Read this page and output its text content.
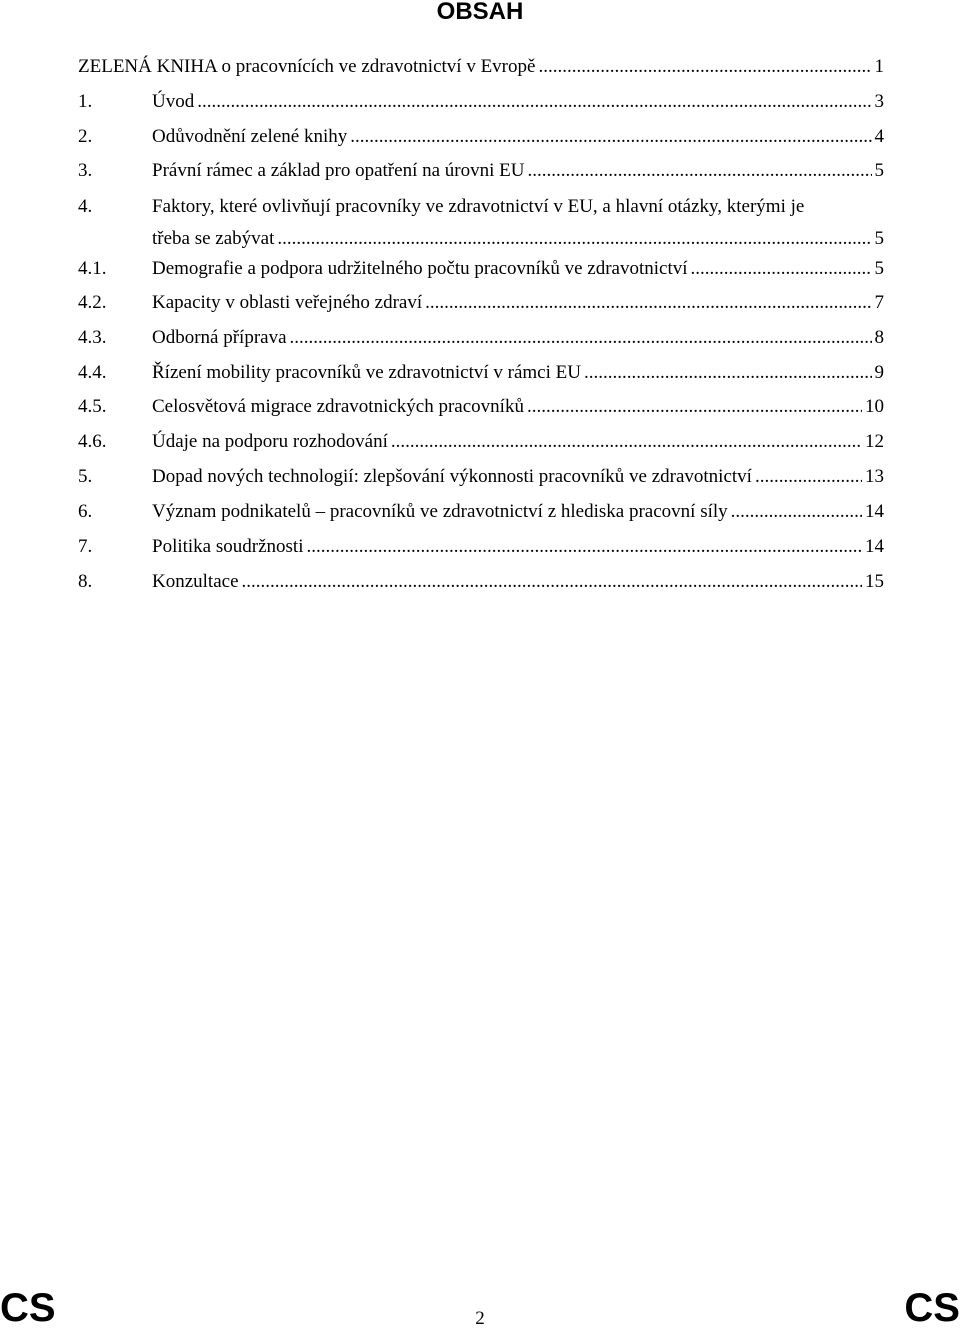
OBSAH
ZELENÁ KNIHA o pracovnících ve zdravotnictví v Evropě .....	1
1.	Úvod .....	3
2.	Odůvodnění zelené knihy .....	4
3.	Právní rámec a základ pro opatření na úrovni EU .....	5
4.	Faktory, které ovlivňují pracovníky ve zdravotnictví v EU, a hlavní otázky, kterými je
třeba se zabývat .....	5
4.1.	Demografie a podpora udržitelného počtu pracovníků ve zdravotnictví .....	5
4.2.	Kapacity v oblasti veřejného zdraví .....	7
4.3.	Odborná příprava .....	8
4.4.	Řízení mobility pracovníků ve zdravotnictví v rámci EU .....	9
4.5.	Celosvětová migrace zdravotnických pracovníků .....	10
4.6.	Údaje na podporu rozhodování .....	12
5.	Dopad nových technologií: zlepšování výkonnosti pracovníků ve zdravotnictví .....	13
6.	Význam podnikatelů – pracovníků ve zdravotnictví z hlediska pracovní síly .....	14
7.	Politika soudržnosti .....	14
8.	Konzultace .....	15
CS	2	CS
